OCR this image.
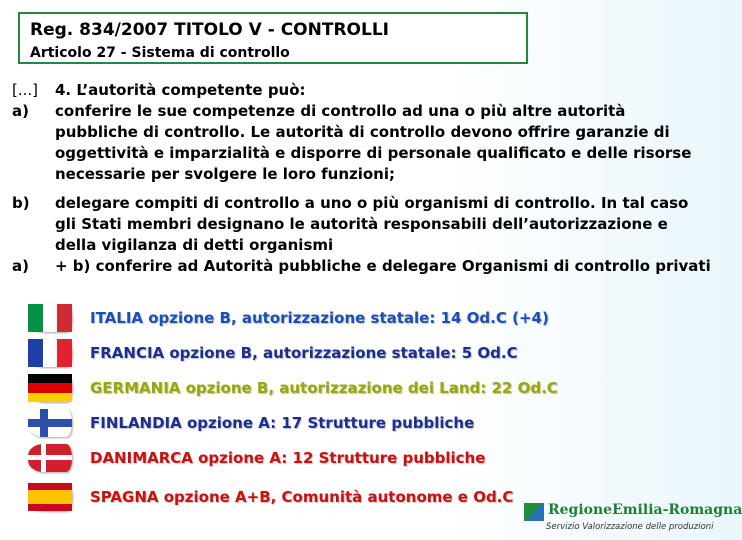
Reg. 834/2007 TITOLO V - CONTROLLI
Articolo 27 - Sistema di controllo
[...]	4. L’autorità competente può:
a)	conferire le sue competenze di controllo ad una o più altre autorità pubbliche di controllo. Le autorità di controllo devono offrire garanzie di oggettività e imparzialità e disporre di personale qualificato e delle risorse necessarie per svolgere le loro funzioni;
b)	delegare compiti di controllo a uno o più organismi di controllo. In tal caso gli Stati membri designano le autorità responsabili dell’autorizzazione e della vigilanza di detti organismi
a)	+ b) conferire ad Autorità pubbliche e delegare Organismi di controllo privati
ITALIA opzione B, autorizzazione statale: 14 Od.C (+4)
FRANCIA opzione B, autorizzazione statale: 5 Od.C
GERMANIA opzione B, autorizzazione dei Land: 22 Od.C
FINLANDIA opzione A: 17 Strutture pubbliche
DANIMARCA opzione A: 12 Strutture pubbliche
SPAGNA opzione A+B, Comunità autonome e Od.C
RegioneEmilia-Romagna
Servizio Valorizzazione delle produzioni
